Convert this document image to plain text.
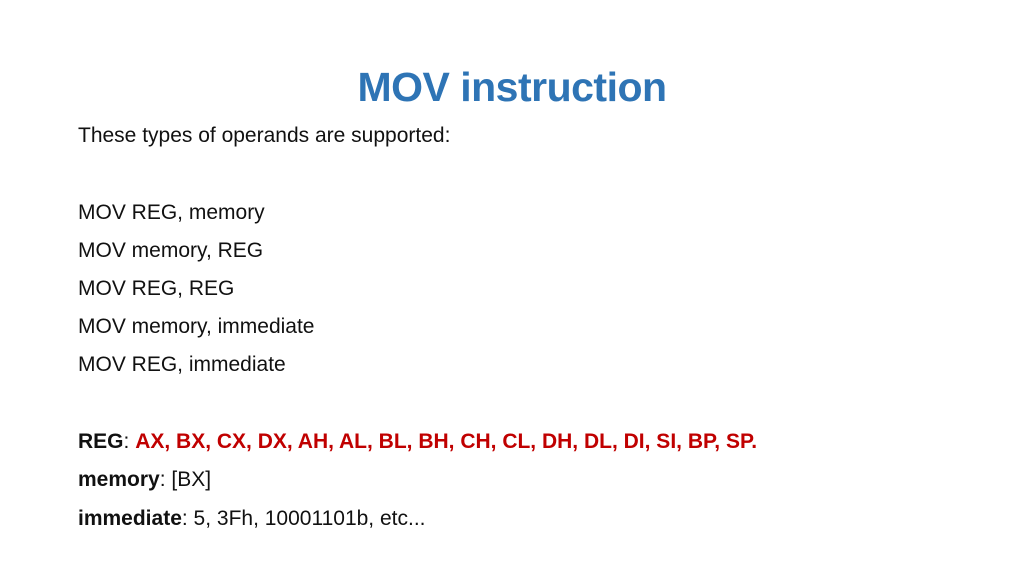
MOV instruction
These types of operands are supported:
MOV REG, memory
MOV memory, REG
MOV REG, REG
MOV memory, immediate
MOV REG, immediate
REG: AX, BX, CX, DX, AH, AL, BL, BH, CH, CL, DH, DL, DI, SI, BP, SP.
memory: [BX]
immediate: 5, 3Fh, 10001101b, etc...
